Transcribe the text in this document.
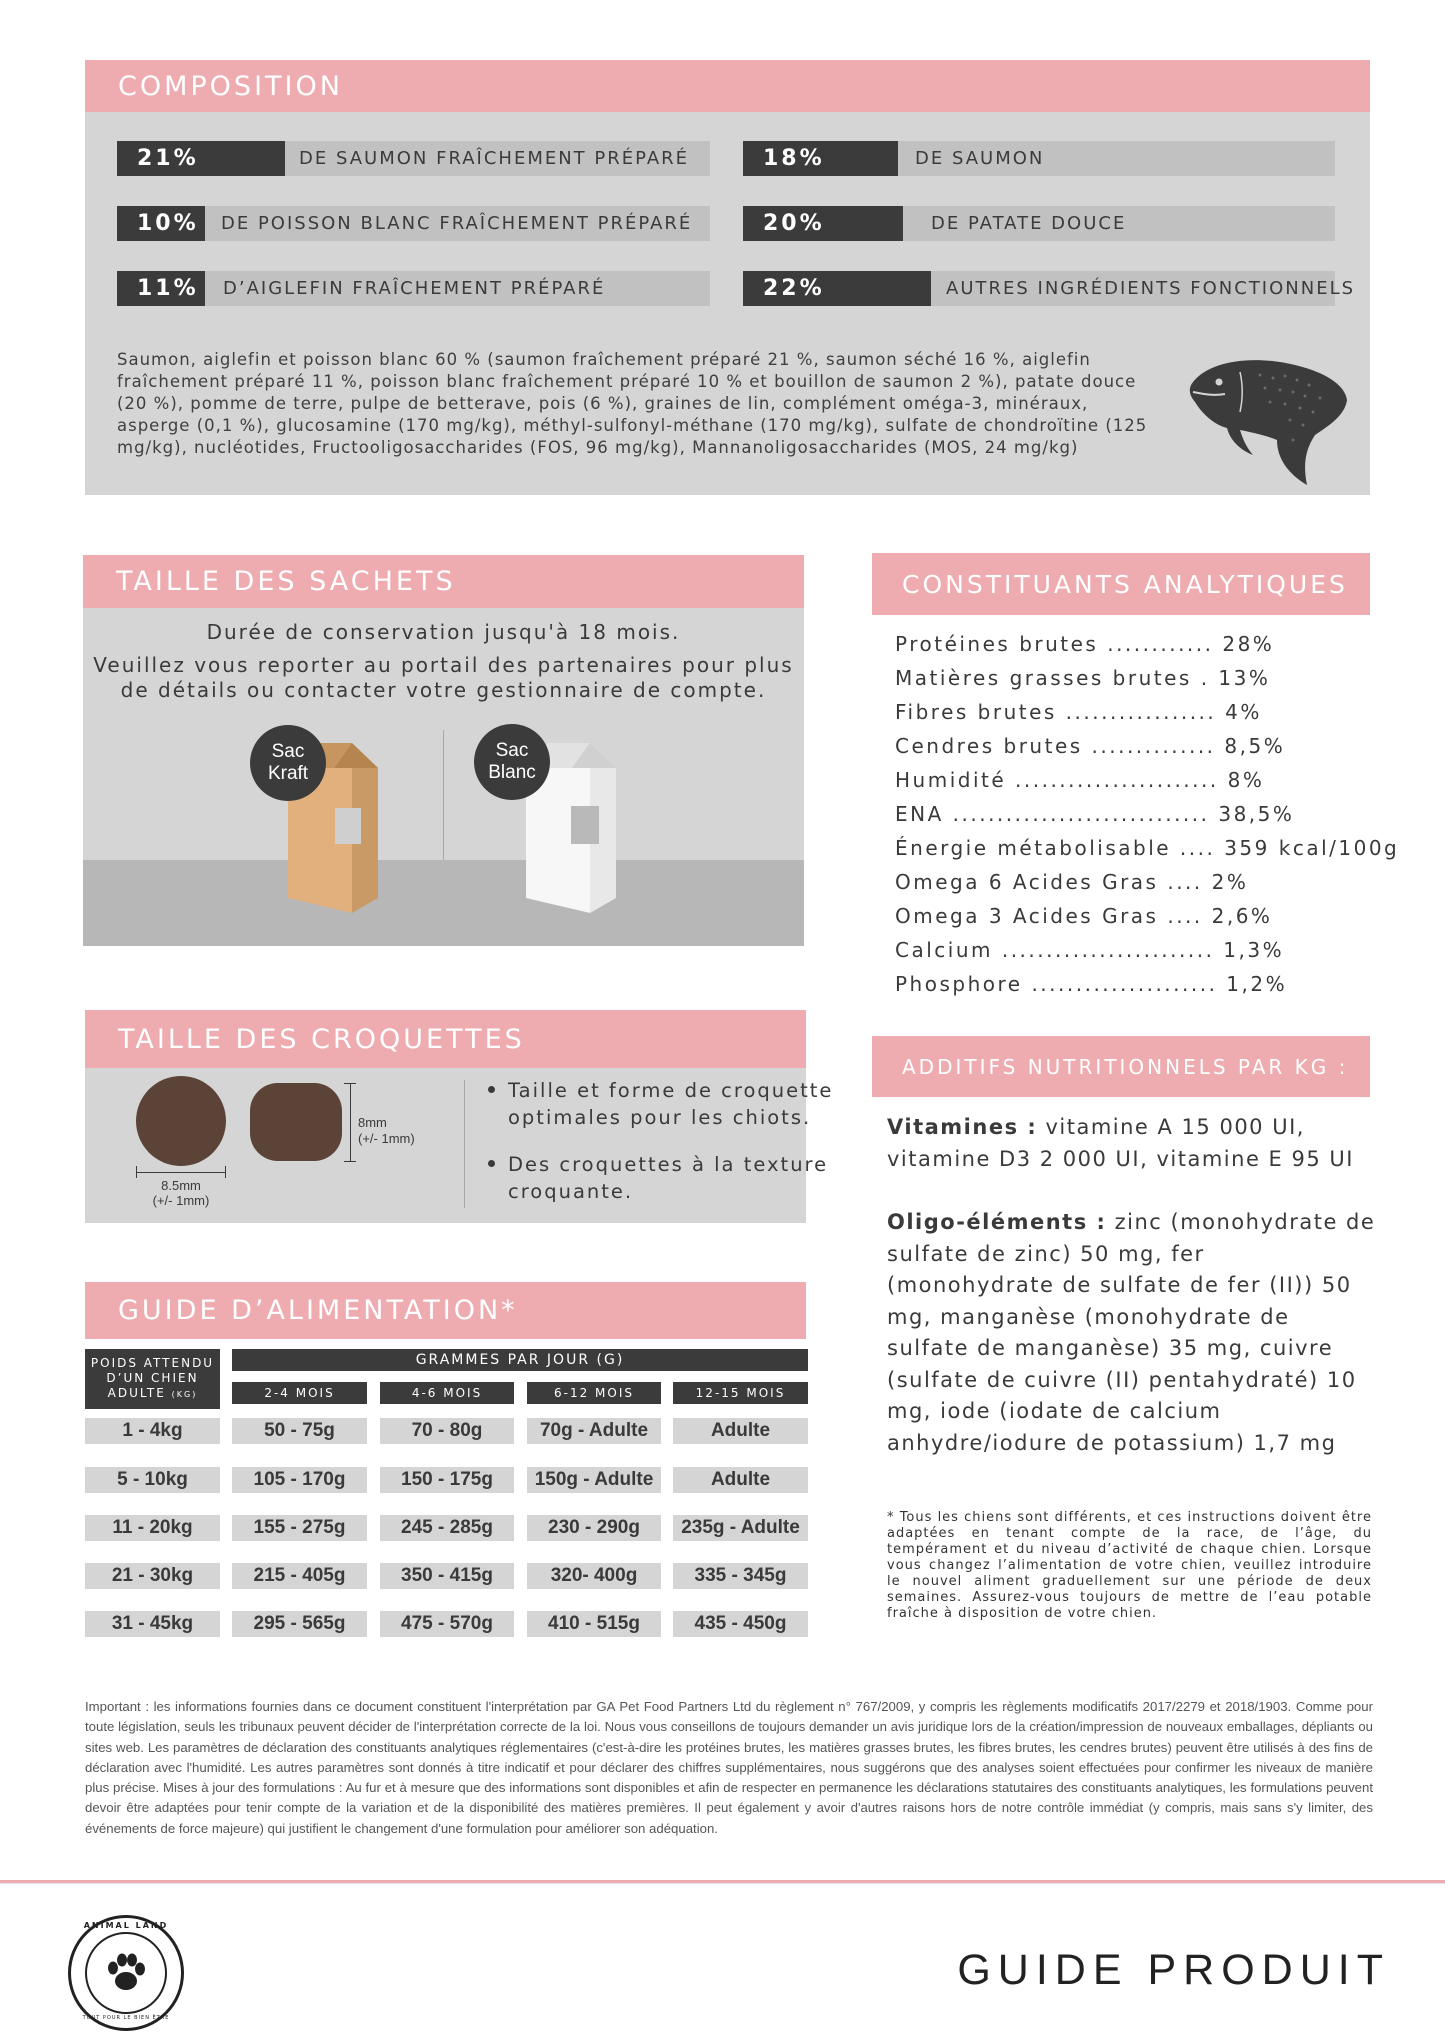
COMPOSITION
21%	DE SAUMON FRAÎCHEMENT PRÉPARÉ	18%	DE SAUMON
10%	DE POISSON BLANC FRAÎCHEMENT PRÉPARÉ	20%	DE PATATE DOUCE
11%	D’AIGLEFIN FRAÎCHEMENT PRÉPARÉ	22%	AUTRES INGRÉDIENTS FONCTIONNELS
Saumon, aiglefin et poisson blanc 60 % (saumon fraîchement préparé 21 %, saumon séché 16 %, aiglefin fraîchement préparé 11 %, poisson blanc fraîchement préparé 10 % et bouillon de saumon 2 %), patate douce (20 %), pomme de terre, pulpe de betterave, pois (6 %), graines de lin, complément oméga-3, minéraux, asperge (0,1 %), glucosamine (170 mg/kg), méthyl-sulfonyl-méthane (170 mg/kg), sulfate de chondroïtine (125 mg/kg), nucléotides, Fructooligosaccharides (FOS, 96 mg/kg), Mannanoligosaccharides (MOS, 24 mg/kg)
TAILLE DES SACHETS
Durée de conservation jusqu'à 18 mois.
Veuillez vous reporter au portail des partenaires pour plus
de détails ou contacter votre gestionnaire de compte.
Sac
Kraft
Sac
Blanc
CONSTITUANTS ANALYTIQUES
Protéines brutes ............ 28%
Matières grasses brutes . 13%
Fibres brutes ................. 4%
Cendres brutes .............. 8,5%
Humidité ....................... 8%
ENA ............................. 38,5%
Énergie métabolisable .... 359 kcal/100g
Omega 6 Acides Gras .... 2%
Omega 3 Acides Gras .... 2,6%
Calcium ........................ 1,3%
Phosphore ..................... 1,2%
TAILLE DES CROQUETTES
8.5mm
(+/- 1mm)
8mm
(+/- 1mm)
Taille et forme de croquette
optimales pour les chiots.
Des croquettes à la texture
croquante.
ADDITIFS NUTRITIONNELS PAR KG :
Vitamines : vitamine A 15 000 UI, vitamine D3 2 000 UI, vitamine E 95 UI
Oligo-éléments : zinc (monohydrate de sulfate de zinc) 50 mg, fer (monohydrate de sulfate de fer (II)) 50 mg, manganèse (monohydrate de sulfate de manganèse) 35 mg, cuivre (sulfate de cuivre (II) pentahydraté) 10 mg, iode (iodate de calcium anhydre/iodure de potassium) 1,7 mg
GUIDE D’ALIMENTATION*
POIDS ATTENDU
D’UN CHIEN
ADULTE (KG)
GRAMMES PAR JOUR (G)
2-4 MOIS	4-6 MOIS	6-12 MOIS	12-15 MOIS
1 - 4kg	50 - 75g	70 - 80g	70g - Adulte	Adulte
5 - 10kg	105 - 170g	150 - 175g	150g - Adulte	Adulte
11 - 20kg	155 - 275g	245 - 285g	230 - 290g	235g - Adulte
21 - 30kg	215 - 405g	350 - 415g	320- 400g	335 - 345g
31 - 45kg	295 - 565g	475 - 570g	410 - 515g	435 - 450g
* Tous les chiens sont différents, et ces instructions doivent être adaptées en tenant compte de la race, de l’âge, du tempérament et du niveau d’activité de chaque chien. Lorsque vous changez l’alimentation de votre chien, veuillez introduire le nouvel aliment graduellement sur une période de deux semaines. Assurez-vous toujours de mettre de l’eau potable fraîche à disposition de votre chien.
Important : les informations fournies dans ce document constituent l'interprétation par GA Pet Food Partners Ltd du règlement n° 767/2009, y compris les règlements modificatifs 2017/2279 et 2018/1903. Comme pour toute législation, seuls les tribunaux peuvent décider de l'interprétation correcte de la loi. Nous vous conseillons de toujours demander un avis juridique lors de la création/impression de nouveaux emballages, dépliants ou sites web. Les paramètres de déclaration des constituants analytiques réglementaires (c'est-à-dire les protéines brutes, les matières grasses brutes, les fibres brutes, les cendres brutes) peuvent être utilisés à des fins de déclaration avec l'humidité. Les autres paramètres sont donnés à titre indicatif et pour déclarer des chiffres supplémentaires, nous suggérons que des analyses soient effectuées pour confirmer les niveaux de manière plus précise. Mises à jour des formulations : Au fur et à mesure que des informations sont disponibles et afin de respecter en permanence les déclarations statutaires des constituants analytiques, les formulations peuvent devoir être adaptées pour tenir compte de la variation et de la disponibilité des matières premières. Il peut également y avoir d'autres raisons hors de notre contrôle immédiat (y compris, mais sans s'y limiter, des événements de force majeure) qui justifient le changement d'une formulation pour améliorer son adéquation.
ANIMAL LAND
TOUT POUR LE BIEN ÊTRE
GUIDE PRODUIT
